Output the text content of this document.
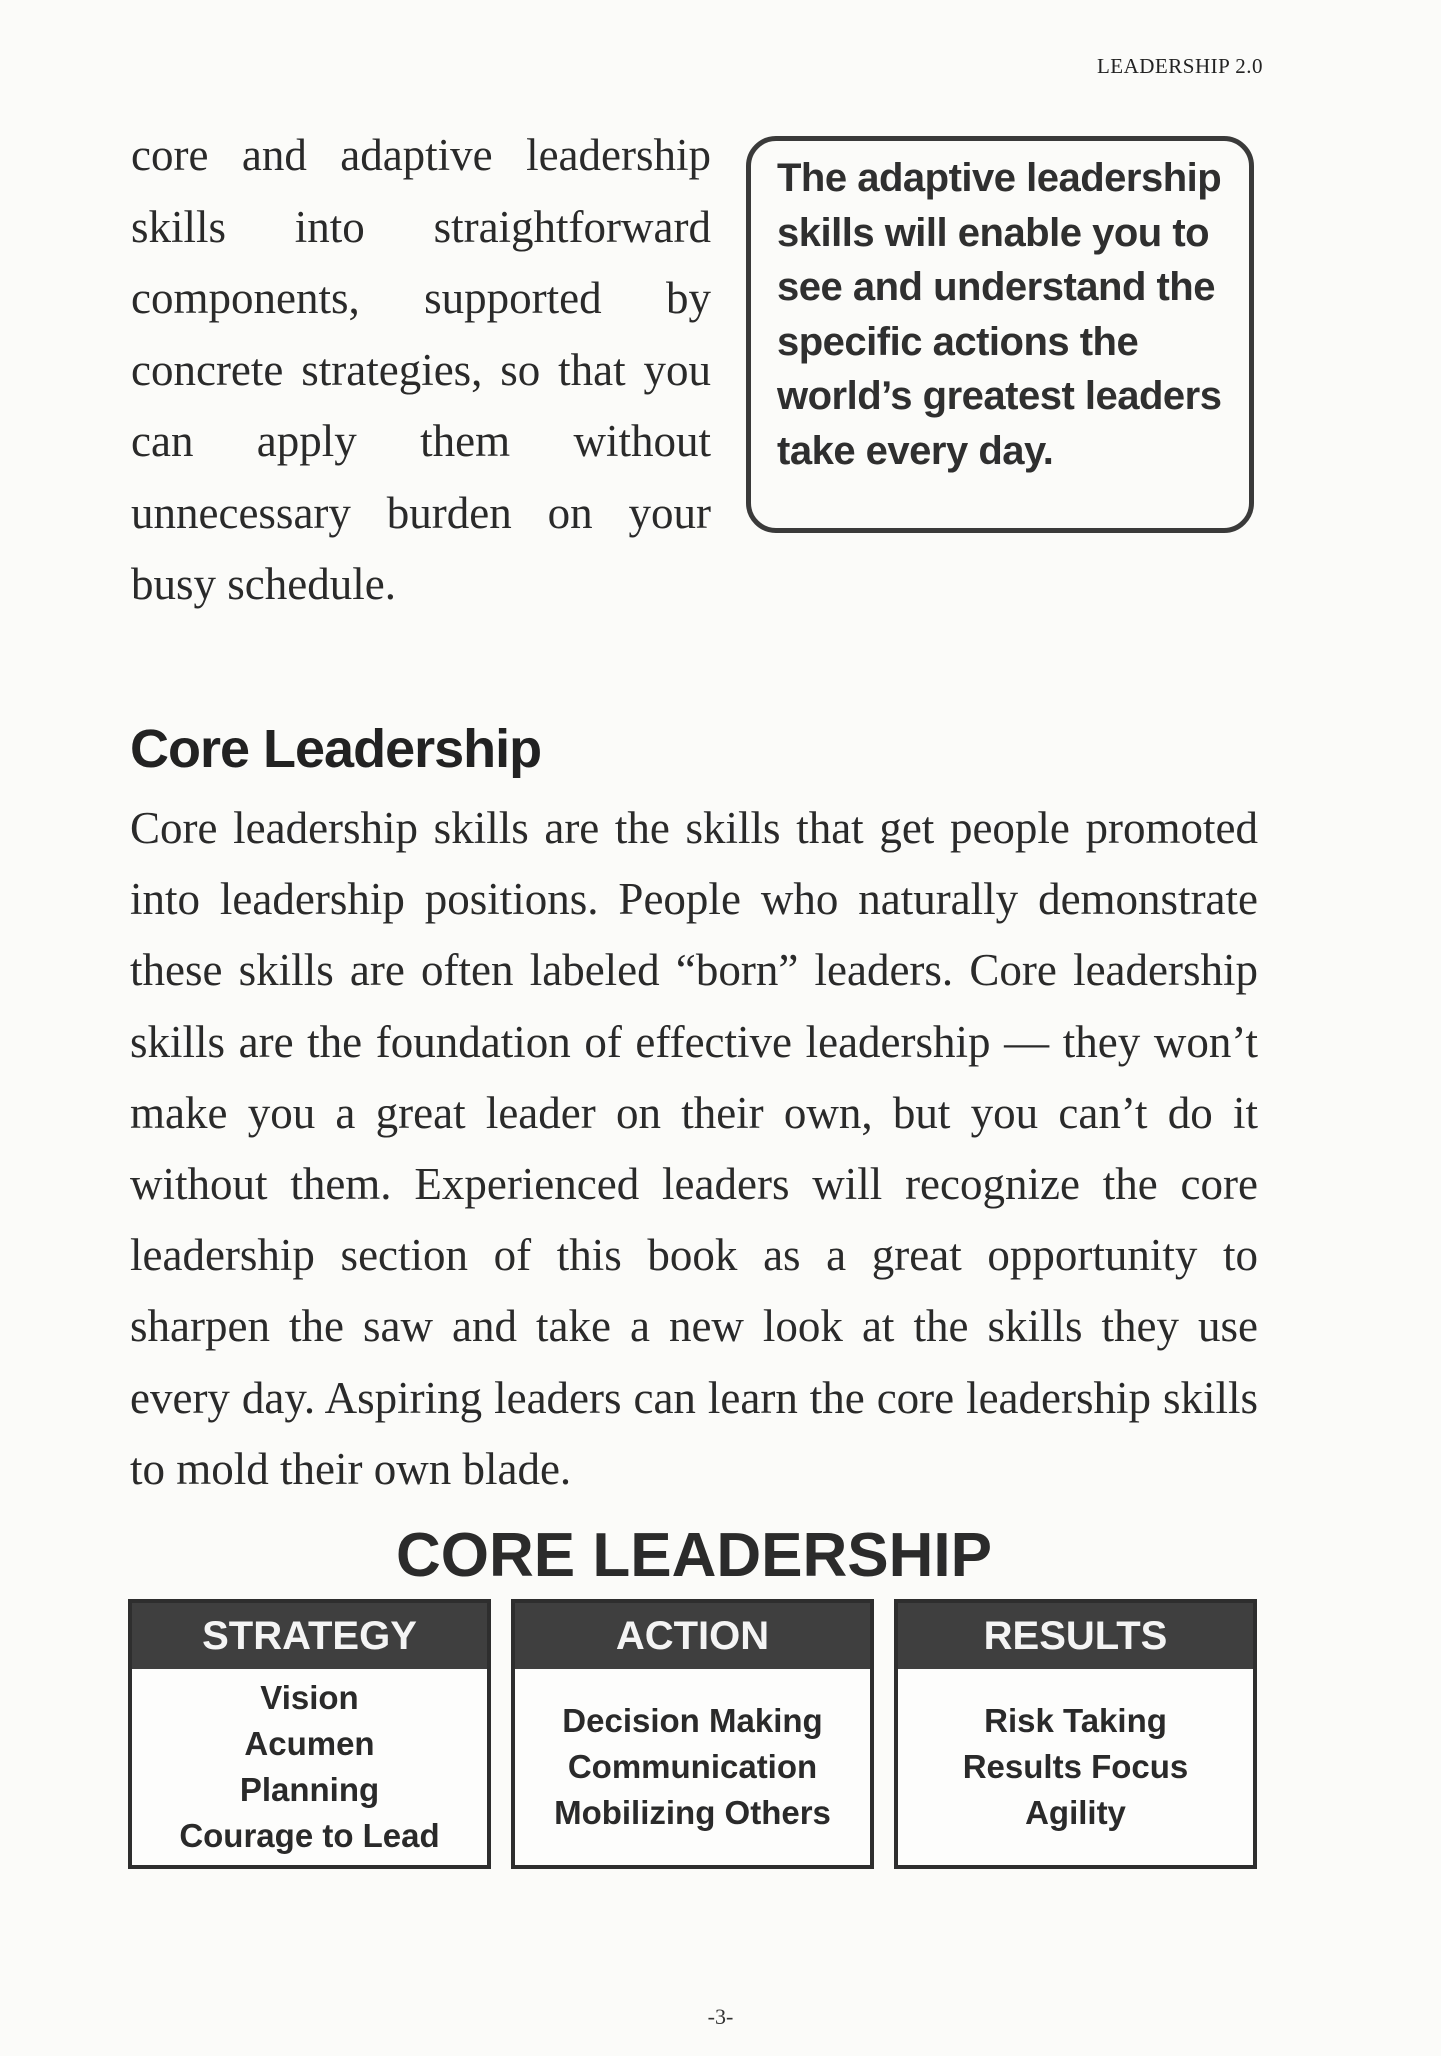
LEADERSHIP 2.0
core and adaptive leadership skills into straightforward components, supported by concrete strategies, so that you can apply them without unnecessary burden on your busy schedule.
The adaptive leadership skills will enable you to see and understand the specific actions the world’s greatest leaders take every day.
Core Leadership
Core leadership skills are the skills that get people promoted into leadership positions. People who naturally demonstrate these skills are often labeled “born” leaders. Core leadership skills are the foundation of effective leadership — they won’t make you a great leader on their own, but you can’t do it without them. Experienced leaders will recognize the core leadership section of this book as a great opportunity to sharpen the saw and take a new look at the skills they use every day. Aspiring leaders can learn the core leadership skills to mold their own blade.
CORE LEADERSHIP
STRATEGY
Vision
Acumen
Planning
Courage to Lead
ACTION
Decision Making
Communication
Mobilizing Others
RESULTS
Risk Taking
Results Focus
Agility
-3-
